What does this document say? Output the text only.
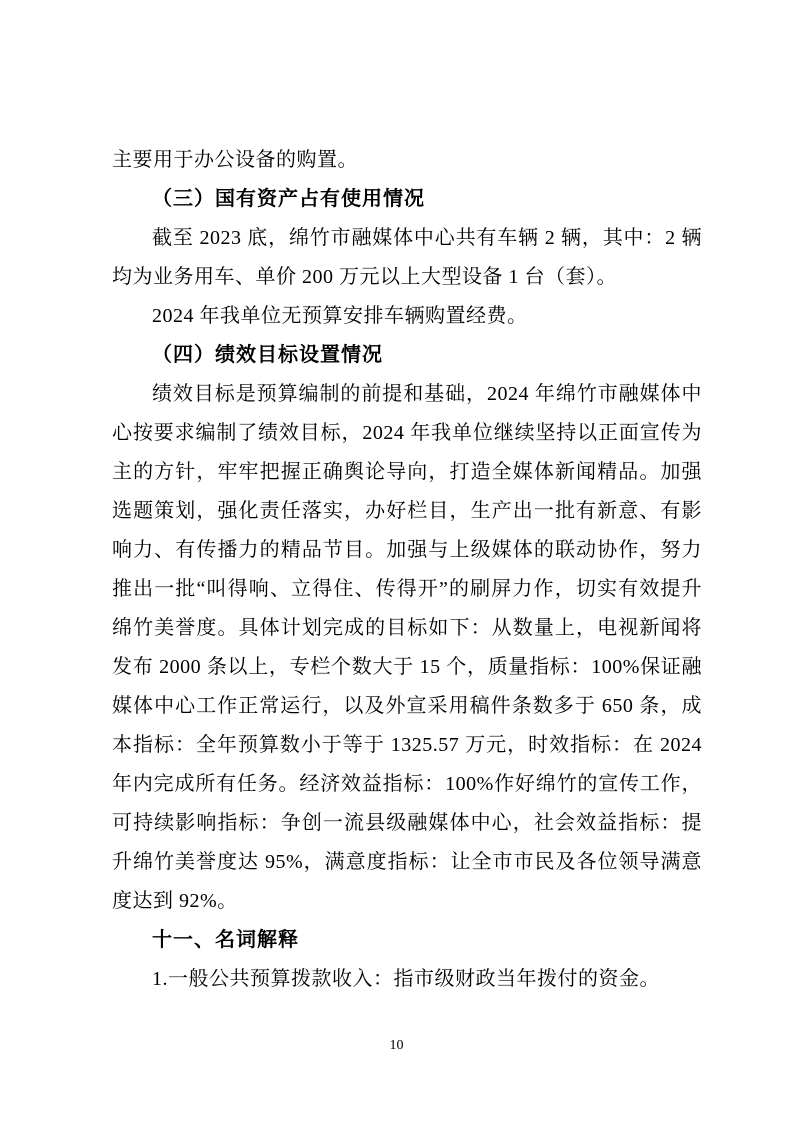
主要用于办公设备的购置。

（三）国有资产占有使用情况

截至 2023 底，绵竹市融媒体中心共有车辆 2 辆，其中：2 辆均为业务用车、单价 200 万元以上大型设备 1 台（套）。

2024 年我单位无预算安排车辆购置经费。

（四）绩效目标设置情况

绩效目标是预算编制的前提和基础，2024 年绵竹市融媒体中心按要求编制了绩效目标，2024 年我单位继续坚持以正面宣传为主的方针，牢牢把握正确舆论导向，打造全媒体新闻精品。加强选题策划，强化责任落实，办好栏目，生产出一批有新意、有影响力、有传播力的精品节目。加强与上级媒体的联动协作，努力推出一批“叫得响、立得住、传得开”的刷屏力作，切实有效提升绵竹美誉度。具体计划完成的目标如下：从数量上，电视新闻将发布 2000 条以上，专栏个数大于 15 个，质量指标：100%保证融媒体中心工作正常运行，以及外宣采用稿件条数多于 650 条，成本指标：全年预算数小于等于 1325.57 万元，时效指标：在 2024 年内完成所有任务。经济效益指标：100%作好绵竹的宣传工作，可持续影响指标：争创一流县级融媒体中心，社会效益指标：提升绵竹美誉度达 95%，满意度指标：让全市市民及各位领导满意度达到 92%。

十一、名词解释

1.一般公共预算拨款收入：指市级财政当年拨付的资金。

10
